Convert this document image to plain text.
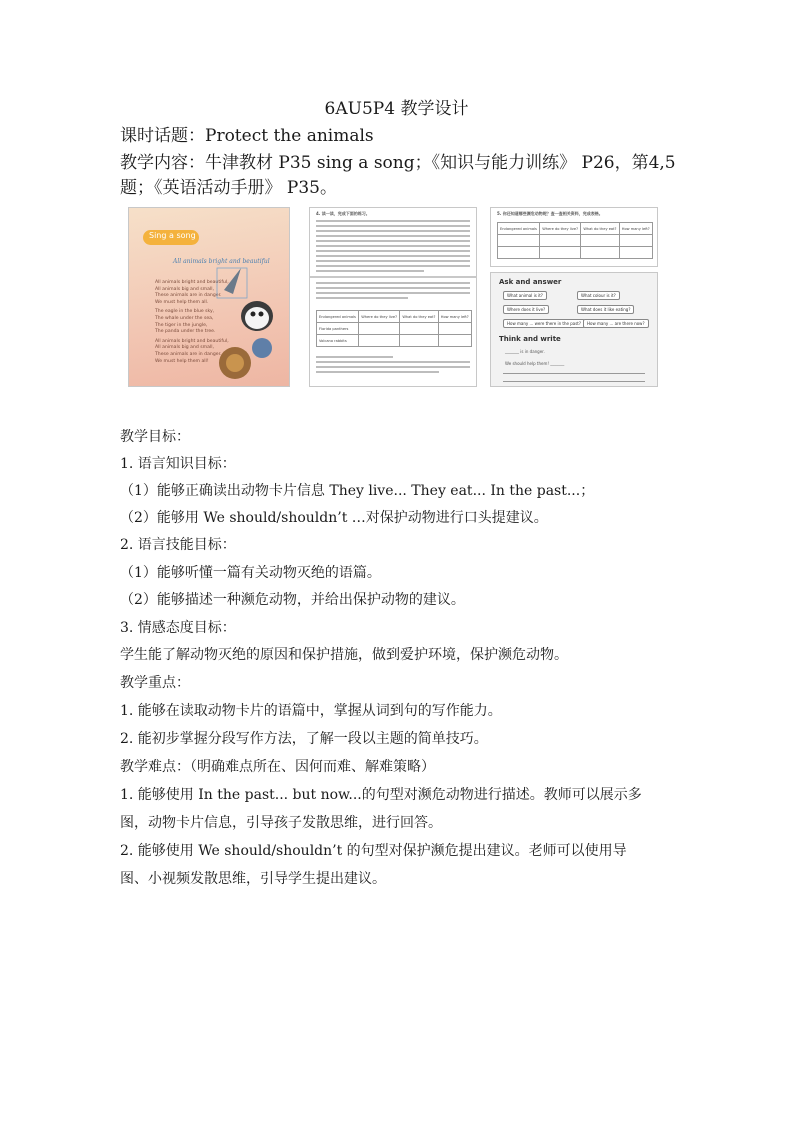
6AU5P4 教学设计
课时话题：Protect the animals
教学内容：牛津教材 P35 sing a song；《知识与能力训练》 P26，第4,5 题；《英语活动手册》 P35。
Sing a song
All animals bright and beautiful
All animals bright and beautiful,
All animals big and small,
These animals are in danger.
We must help them all.
The eagle in the blue sky,
The whale under the sea,
The tiger in the jungle,
The panda under the tree.
All animals bright and beautiful,
All animals big and small,
These animals are in danger.
We must help them all!
4. 读一读，完成下面的练习。
Endangered animals	Where do they live?	What do they eat?	How many left?
Florida panthers			
Volcano rabbits			
5. 你还知道哪些濒危动物呢？查一查相关资料，完成表格。
Endangered animals	Where do they live?	What do they eat?	How many left?

Ask and answer
What animal is it?	What colour is it?
Where does it live?	What does it like eating?
How many ... were there in the past?	How many ... are there now?
Think and write
_______ is in danger.
We should help them! _______
教学目标：
1. 语言知识目标：
（1）能够正确读出动物卡片信息 They live... They eat... In the past...；
（2）能够用 We should/shouldn’t …对保护动物进行口头提建议。
2. 语言技能目标：
（1）能够听懂一篇有关动物灭绝的语篇。
（2）能够描述一种濒危动物，并给出保护动物的建议。
3. 情感态度目标：
学生能了解动物灭绝的原因和保护措施，做到爱护环境，保护濒危动物。
教学重点：
1. 能够在读取动物卡片的语篇中，掌握从词到句的写作能力。
2. 能初步掌握分段写作方法，了解一段以主题的简单技巧。
教学难点：（明确难点所在、因何而难、解难策略）
1. 能够使用 In the past... but now...的句型对濒危动物进行描述。教师可以展示多
图，动物卡片信息，引导孩子发散思维，进行回答。
2. 能够使用 We should/shouldn’t 的句型对保护濒危提出建议。老师可以使用导
图、小视频发散思维，引导学生提出建议。
